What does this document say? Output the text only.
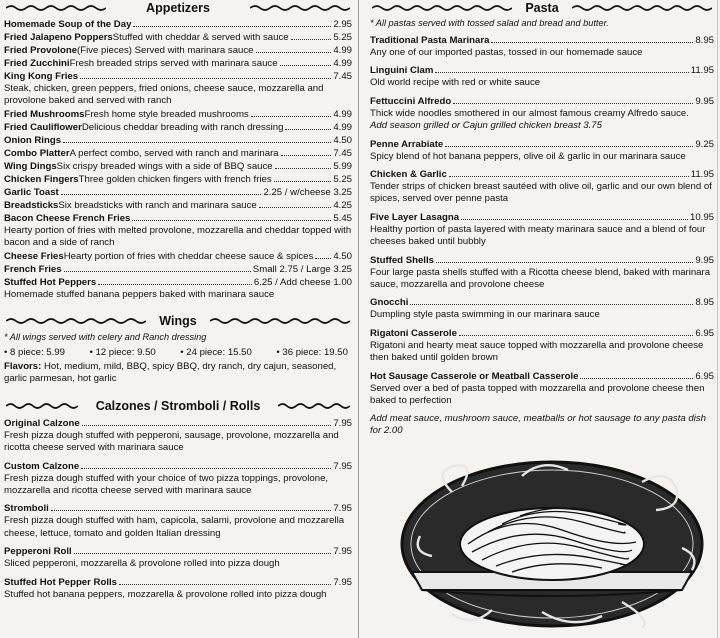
Appetizers
Homemade Soup of the Day	2.95
Fried Jalapeno Poppers Stuffed with cheddar & served with sauce	5.25
Fried Provolone (Five pieces) Served with marinara sauce	4.99
Fried Zucchini Fresh breaded strips served with marinara sauce	4.99
King Kong Fries	7.45
Steak, chicken, green peppers, fried onions, cheese sauce, mozzarella and provolone baked and served with ranch
Fried Mushrooms Fresh home style breaded mushrooms	4.99
Fried Cauliflower Delicious cheddar breading with ranch dressing	4.99
Onion Rings	4.50
Combo Platter A perfect combo, served with ranch and marinara	7.45
Wing Dings Six crispy breaded wings with a side of BBQ sauce	5.99
Chicken Fingers Three golden chicken fingers with french fries	5.25
Garlic Toast	2.25 / w/cheese 3.25
Breadsticks Six breadsticks with ranch and marinara sauce	4.25
Bacon Cheese French Fries	5.45
Hearty portion of fries with melted provolone, mozzarella and cheddar topped with bacon and a side of ranch
Cheese Fries Hearty portion of fries with cheddar cheese sauce & spices 4.50
French Fries	Small 2.75 / Large 3.25
Stuffed Hot Peppers	6.25 / Add cheese 1.00
Homemade stuffed banana peppers baked with marinara sauce
Wings
* All wings served with celery and Ranch dressing
• 8 piece: 5.99	• 12 piece: 9.50	• 24 piece: 15.50	• 36 piece: 19.50
Flavors: Hot, medium, mild, BBQ, spicy BBQ, dry ranch, dry cajun, seasoned, garlic parmesan, hot garlic
Calzones / Stromboli / Rolls
Original Calzone	7.95
Fresh pizza dough stuffed with pepperoni, sausage, provolone, mozzarella and ricotta cheese served with marinara sauce
Custom Calzone	7.95
Fresh pizza dough stuffed with your choice of two pizza toppings, provolone, mozzarella and ricotta cheese served with marinara sauce
Stromboli	7.95
Fresh pizza dough stuffed with ham, capicola, salami, provolone and mozzarella cheese, lettuce, tomato and golden Italian dressing
Pepperoni Roll	7.95
Sliced pepperoni, mozzarella & provolone rolled into pizza dough
Stuffed Hot Pepper Rolls	7.95
Stuffed hot banana peppers, mozzarella & provolone rolled into pizza dough
Pasta
* All pastas served with tossed salad and bread and butter.
Traditional Pasta Marinara	8.95
Any one of our imported pastas, tossed in our homemade sauce
Linguini Clam	11.95
Old world recipe with red or white sauce
Fettuccini Alfredo	9.95
Thick wide noodles smothered in our almost famous creamy Alfredo sauce.
Add season grilled or Cajun grilled chicken breast 3.75
Penne Arrabiate	9.25
Spicy blend of hot banana peppers, olive oil & garlic in our marinara sauce
Chicken & Garlic	11.95
Tender strips of chicken breast sautéed with olive oil, garlic and our own blend of spices, served over penne pasta
Five Layer Lasagna	10.95
Healthy portion of pasta layered with meaty marinara sauce and a blend of four cheeses baked until bubbly
Stuffed Shells	9.95
Four large pasta shells stuffed with a Ricotta cheese blend, baked with marinara sauce, mozzarella and provolone cheese
Gnocchi	8.95
Dumpling style pasta swimming in our marinara sauce
Rigatoni Casserole	6.95
Rigatoni and hearty meat sauce topped with mozzarella and provolone cheese then baked until golden brown
Hot Sausage Casserole or Meatball Casserole	6.95
Served over a bed of pasta topped with mozzarella and provolone cheese then baked to perfection
Add meat sauce, mushroom sauce, meatballs or hot sausage to any pasta dish for 2.00
